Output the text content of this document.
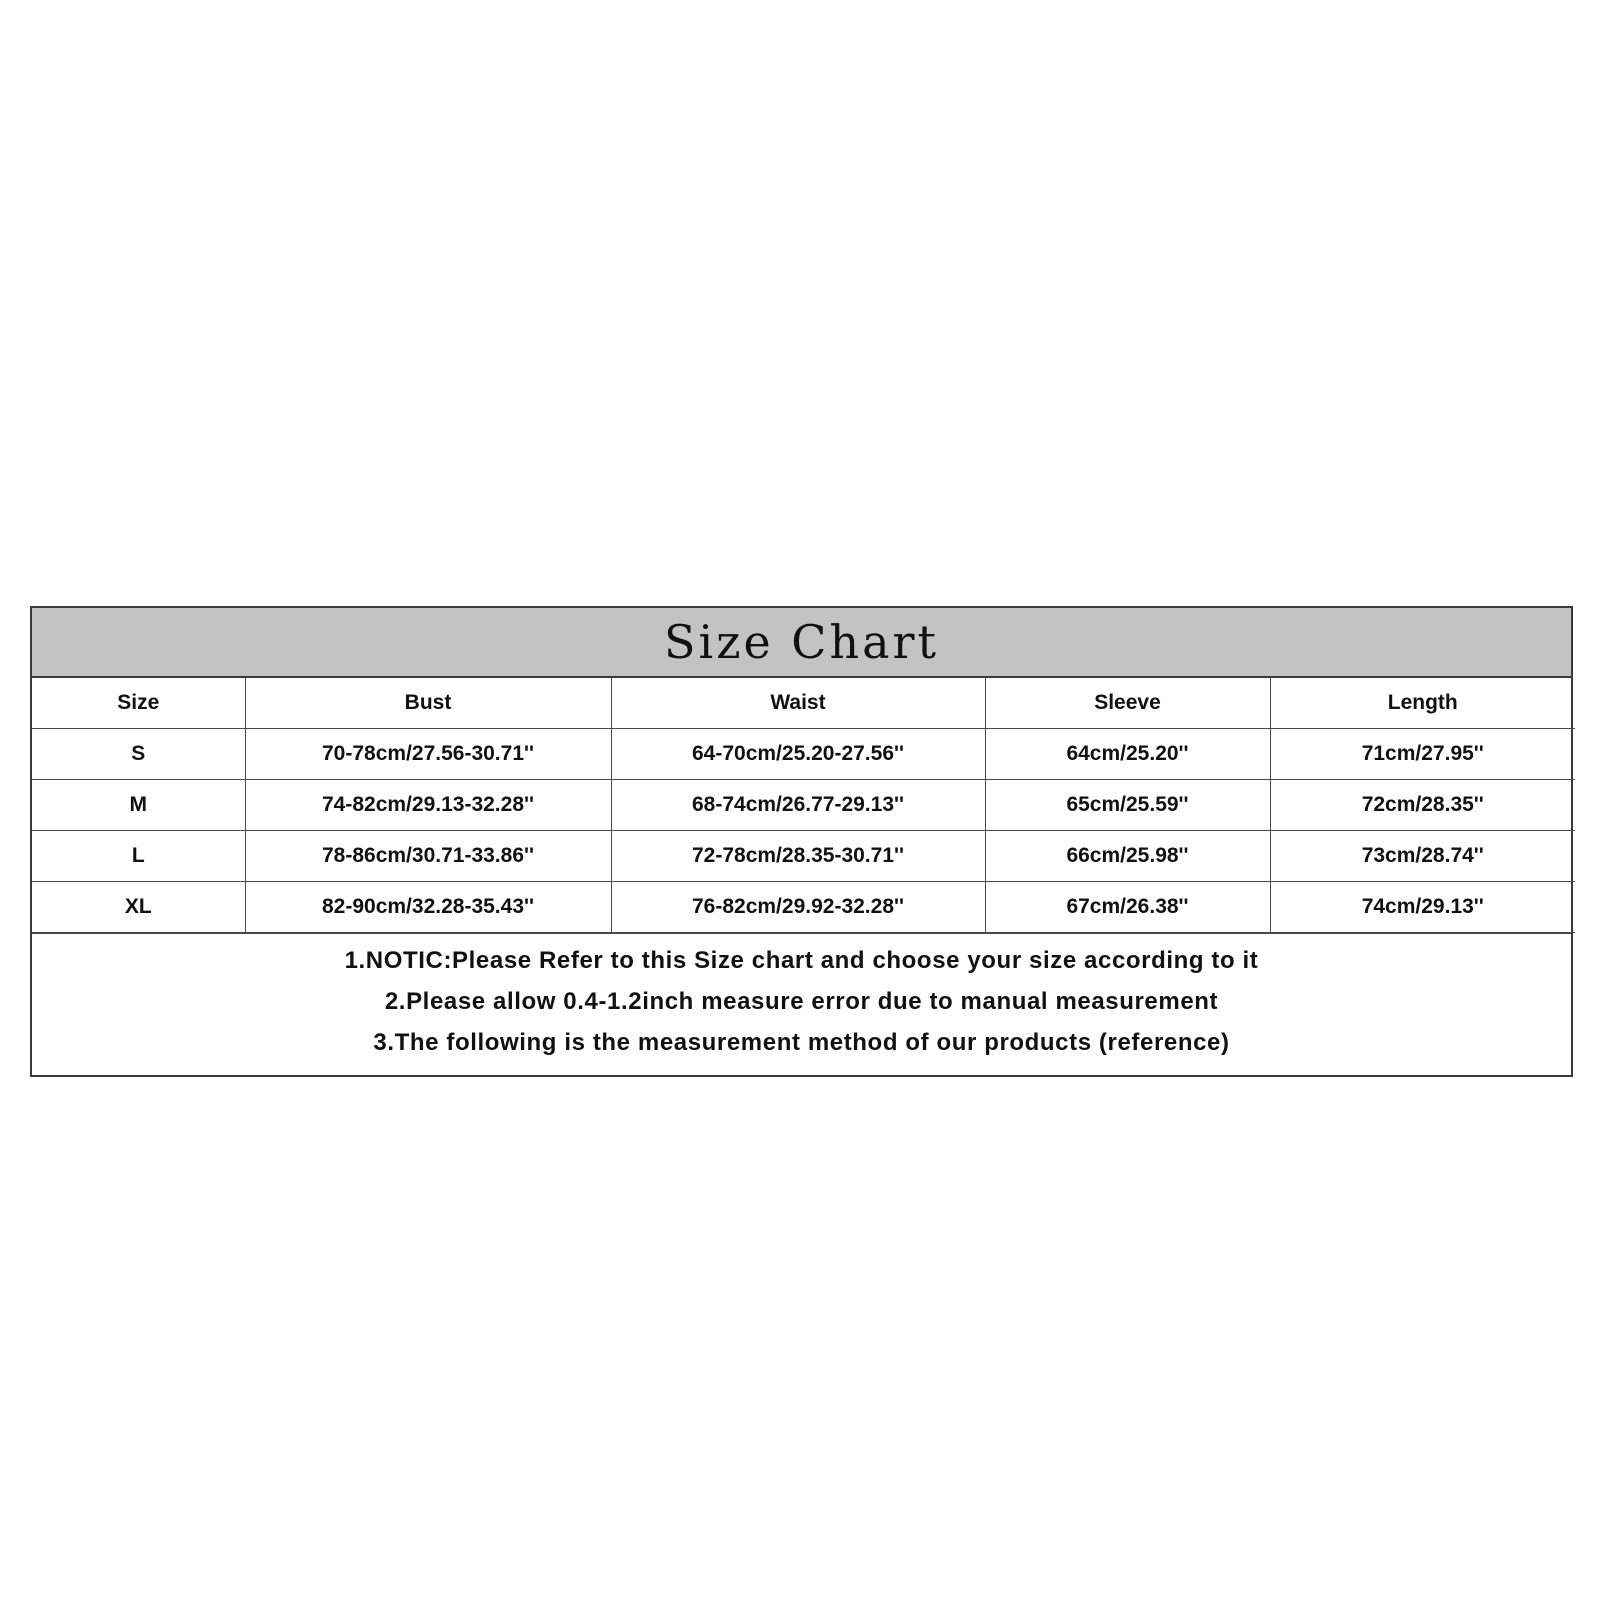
Size Chart
Size	Bust	Waist	Sleeve	Length
S	70-78cm/27.56-30.71''	64-70cm/25.20-27.56''	64cm/25.20''	71cm/27.95''
M	74-82cm/29.13-32.28''	68-74cm/26.77-29.13''	65cm/25.59''	72cm/28.35''
L	78-86cm/30.71-33.86''	72-78cm/28.35-30.71''	66cm/25.98''	73cm/28.74''
XL	82-90cm/32.28-35.43''	76-82cm/29.92-32.28''	67cm/26.38''	74cm/29.13''
1.NOTIC:Please Refer to this Size chart and choose your size according to it
2.Please allow 0.4-1.2inch measure error due to manual measurement
3.The following is the measurement method of our products (reference)
